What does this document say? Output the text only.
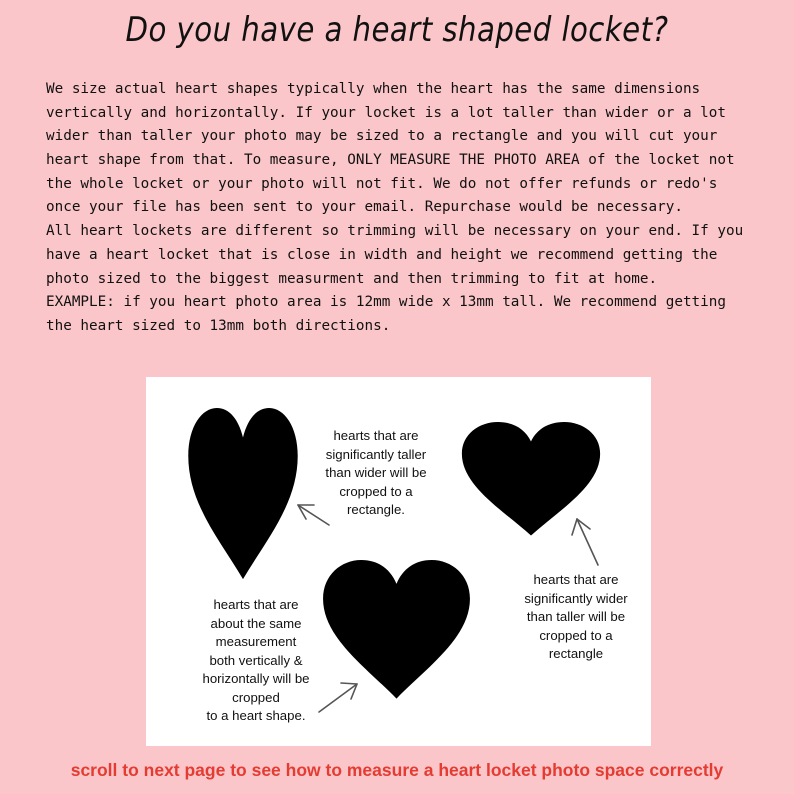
Do you have a heart shaped locket?
We size actual heart shapes typically when the heart has the same dimensions
vertically and horizontally. If your locket is a lot taller than wider or a lot
wider than taller your photo may be sized to a rectangle and you will cut your
heart shape from that. To measure, ONLY MEASURE THE PHOTO AREA of the locket not
the whole locket or your photo will not fit. We do not offer refunds or redo's
once your file has been sent to your email. Repurchase would be necessary.
All heart lockets are different so trimming will be necessary on your end. If you
have a heart locket that is close in width and height we recommend getting the
photo sized to the biggest measurment and then trimming to fit at home.
EXAMPLE: if you heart photo area is 12mm wide x 13mm tall. We recommend getting
the heart sized to 13mm both directions.
hearts that are
significantly taller
than wider will be
cropped to a
rectangle.
hearts that are
significantly wider
than taller will be
cropped to a
rectangle
hearts that are
about the same
measurement
both vertically &
horizontally will be
cropped
to a heart shape.
scroll to next page to see how to measure a heart locket photo space correctly
